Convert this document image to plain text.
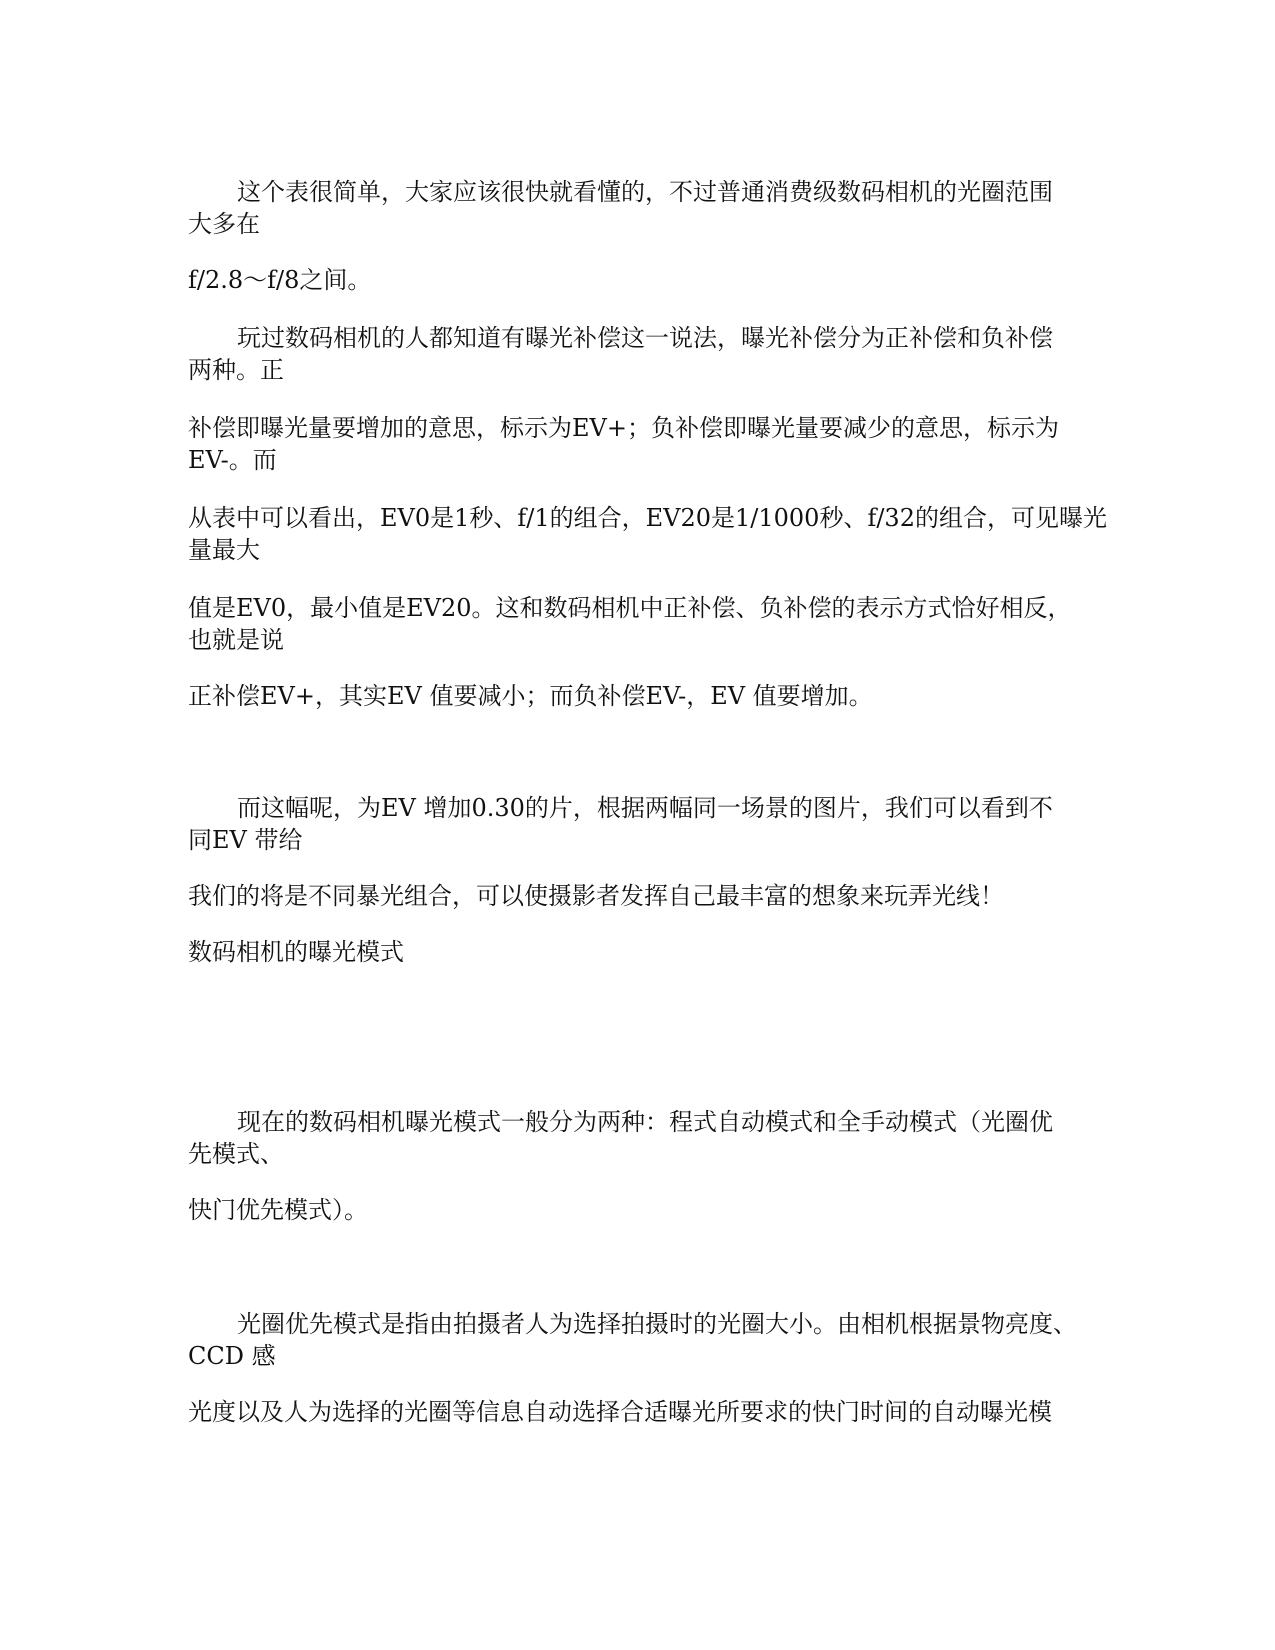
这个表很简单，大家应该很快就看懂的，不过普通消费级数码相机的光圈范围
大多在
f/2.8～f/8之间。
玩过数码相机的人都知道有曝光补偿这一说法，曝光补偿分为正补偿和负补偿
两种。正
补偿即曝光量要增加的意思，标示为EV+；负补偿即曝光量要减少的意思，标示为
EV-。而
从表中可以看出，EV0是1秒、f/1的组合，EV20是1/1000秒、f/32的组合，可见曝光
量最大
值是EV0，最小值是EV20。这和数码相机中正补偿、负补偿的表示方式恰好相反，
也就是说
正补偿EV+，其实EV 值要减小；而负补偿EV-，EV 值要增加。
而这幅呢，为EV 增加0.30的片，根据两幅同一场景的图片，我们可以看到不
同EV 带给
我们的将是不同暴光组合，可以使摄影者发挥自己最丰富的想象来玩弄光线！
数码相机的曝光模式
现在的数码相机曝光模式一般分为两种：程式自动模式和全手动模式（光圈优
先模式、
快门优先模式）。
光圈优先模式是指由拍摄者人为选择拍摄时的光圈大小。由相机根据景物亮度、
CCD 感
光度以及人为选择的光圈等信息自动选择合适曝光所要求的快门时间的自动曝光模
